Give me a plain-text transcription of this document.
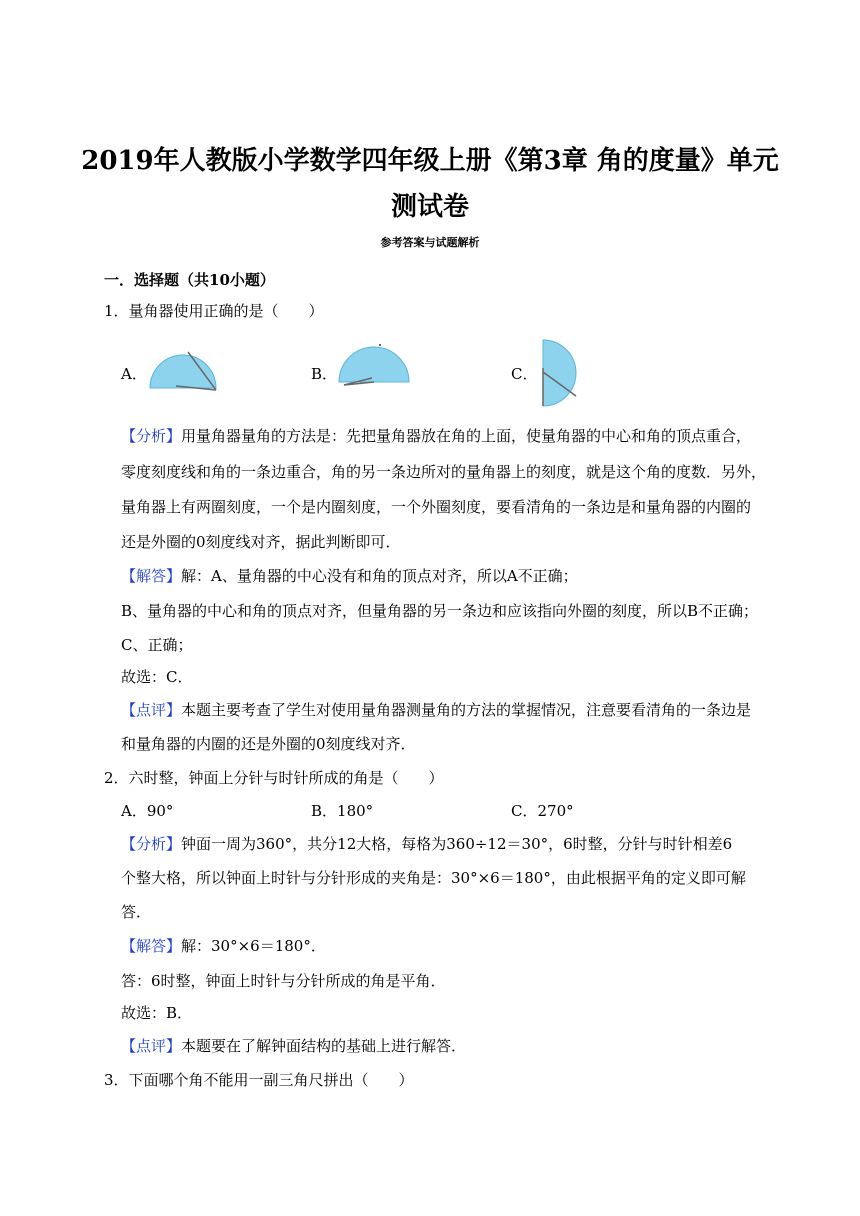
2019年人教版小学数学四年级上册《第3章 角的度量》单元
测试卷
参考答案与试题解析
一．选择题（共10小题）
1．量角器使用正确的是（　　）
A．	B．	C．
【分析】用量角器量角的方法是：先把量角器放在角的上面，使量角器的中心和角的顶点重合，
零度刻度线和角的一条边重合，角的另一条边所对的量角器上的刻度，就是这个角的度数．另外，
量角器上有两圈刻度，一个是内圈刻度，一个外圈刻度，要看清角的一条边是和量角器的内圈的
还是外圈的0刻度线对齐，据此判断即可．
【解答】解：A、量角器的中心没有和角的顶点对齐，所以A不正确；
B、量角器的中心和角的顶点对齐，但量角器的另一条边和应该指向外圈的刻度，所以B不正确；
C、正确；
故选：C．
【点评】本题主要考查了学生对使用量角器测量角的方法的掌握情况，注意要看清角的一条边是
和量角器的内圈的还是外圈的0刻度线对齐．
2．六时整，钟面上分针与时针所成的角是（　　）
A．90°	B．180°	C．270°
【分析】钟面一周为360°，共分12大格，每格为360÷12＝30°，6时整，分针与时针相差6
个整大格，所以钟面上时针与分针形成的夹角是：30°×6＝180°，由此根据平角的定义即可解
答．
【解答】解：30°×6＝180°．
答：6时整，钟面上时针与分针所成的角是平角．
故选：B．
【点评】本题要在了解钟面结构的基础上进行解答．
3．下面哪个角不能用一副三角尺拼出（　　）
